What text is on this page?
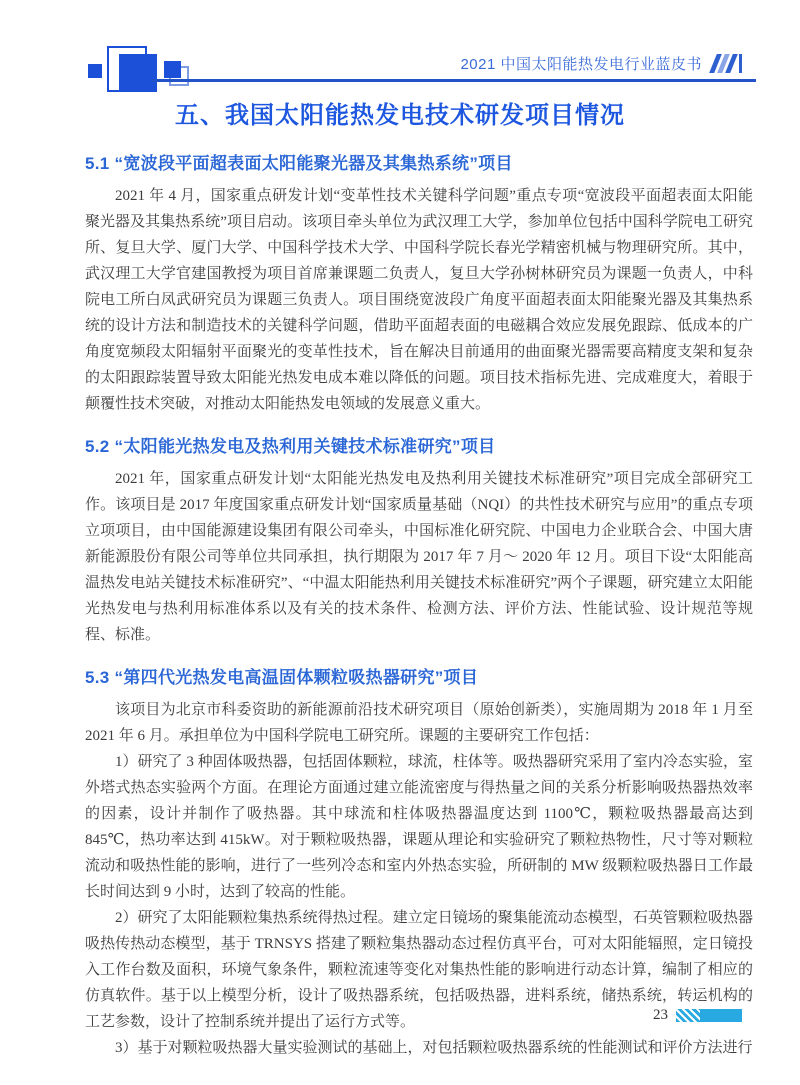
2021 中国太阳能热发电行业蓝皮书
五、我国太阳能热发电技术研发项目情况
5.1 “宽波段平面超表面太阳能聚光器及其集热系统”项目

2021 年 4 月，国家重点研发计划“变革性技术关键科学问题”重点专项“宽波段平面超表面太阳能聚光器及其集热系统”项目启动。该项目牵头单位为武汉理工大学，参加单位包括中国科学院电工研究所、复旦大学、厦门大学、中国科学技术大学、中国科学院长春光学精密机械与物理研究所。其中，武汉理工大学官建国教授为项目首席兼课题二负责人，复旦大学孙树林研究员为课题一负责人，中科院电工所白凤武研究员为课题三负责人。项目围绕宽波段广角度平面超表面太阳能聚光器及其集热系统的设计方法和制造技术的关键科学问题，借助平面超表面的电磁耦合效应发展免跟踪、低成本的广角度宽频段太阳辐射平面聚光的变革性技术，旨在解决目前通用的曲面聚光器需要高精度支架和复杂的太阳跟踪装置导致太阳能光热发电成本难以降低的问题。项目技术指标先进、完成难度大，着眼于颠覆性技术突破，对推动太阳能热发电领域的发展意义重大。

5.2 “太阳能光热发电及热利用关键技术标准研究”项目

2021 年，国家重点研发计划“太阳能光热发电及热利用关键技术标准研究”项目完成全部研究工作。该项目是 2017 年度国家重点研发计划“国家质量基础（NQI）的共性技术研究与应用”的重点专项立项项目，由中国能源建设集团有限公司牵头，中国标准化研究院、中国电力企业联合会、中国大唐新能源股份有限公司等单位共同承担，执行期限为 2017 年 7 月～ 2020 年 12 月。项目下设“太阳能高温热发电站关键技术标准研究”、“中温太阳能热利用关键技术标准研究”两个子课题，研究建立太阳能光热发电与热利用标准体系以及有关的技术条件、检测方法、评价方法、性能试验、设计规范等规程、标准。

5.3 “第四代光热发电高温固体颗粒吸热器研究”项目

该项目为北京市科委资助的新能源前沿技术研究项目（原始创新类），实施周期为 2018 年 1 月至 2021 年 6 月。承担单位为中国科学院电工研究所。课题的主要研究工作包括：

1）研究了 3 种固体吸热器，包括固体颗粒，球流，柱体等。吸热器研究采用了室内冷态实验，室外塔式热态实验两个方面。在理论方面通过建立能流密度与得热量之间的关系分析影响吸热器热效率的因素，设计并制作了吸热器。其中球流和柱体吸热器温度达到 1100℃，颗粒吸热器最高达到 845℃，热功率达到 415kW。对于颗粒吸热器，课题从理论和实验研究了颗粒热物性，尺寸等对颗粒流动和吸热性能的影响，进行了一些列冷态和室内外热态实验，所研制的 MW 级颗粒吸热器日工作最长时间达到 9 小时，达到了较高的性能。

2）研究了太阳能颗粒集热系统得热过程。建立定日镜场的聚集能流动态模型，石英管颗粒吸热器吸热传热动态模型，基于 TRNSYS 搭建了颗粒集热器动态过程仿真平台，可对太阳能辐照，定日镜投入工作台数及面积，环境气象条件，颗粒流速等变化对集热性能的影响进行动态计算，编制了相应的仿真软件。基于以上模型分析，设计了吸热器系统，包括吸热器，进料系统，储热系统，转运机构的工艺参数，设计了控制系统并提出了运行方式等。

3）基于对颗粒吸热器大量实验测试的基础上，对包括颗粒吸热器系统的性能测试和评价方法进行

23
